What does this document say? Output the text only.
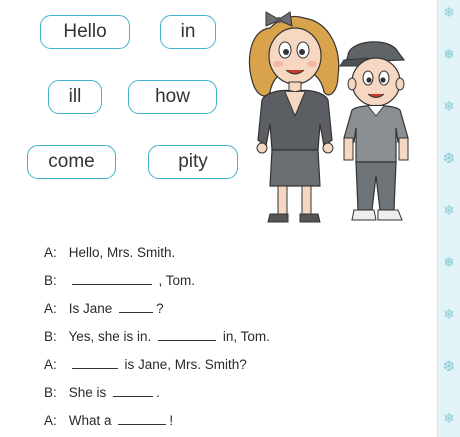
❄
❅
❄
❆
❄
❅
❄
❆
❄
Hello	in
ill	how
come	pity
A: Hello, Mrs. Smith.
B:	, Tom.
A: Is Jane	?
B: Yes, she is in.	in, Tom.
A:	is Jane, Mrs. Smith?
B: She is	.
A: What a	!
